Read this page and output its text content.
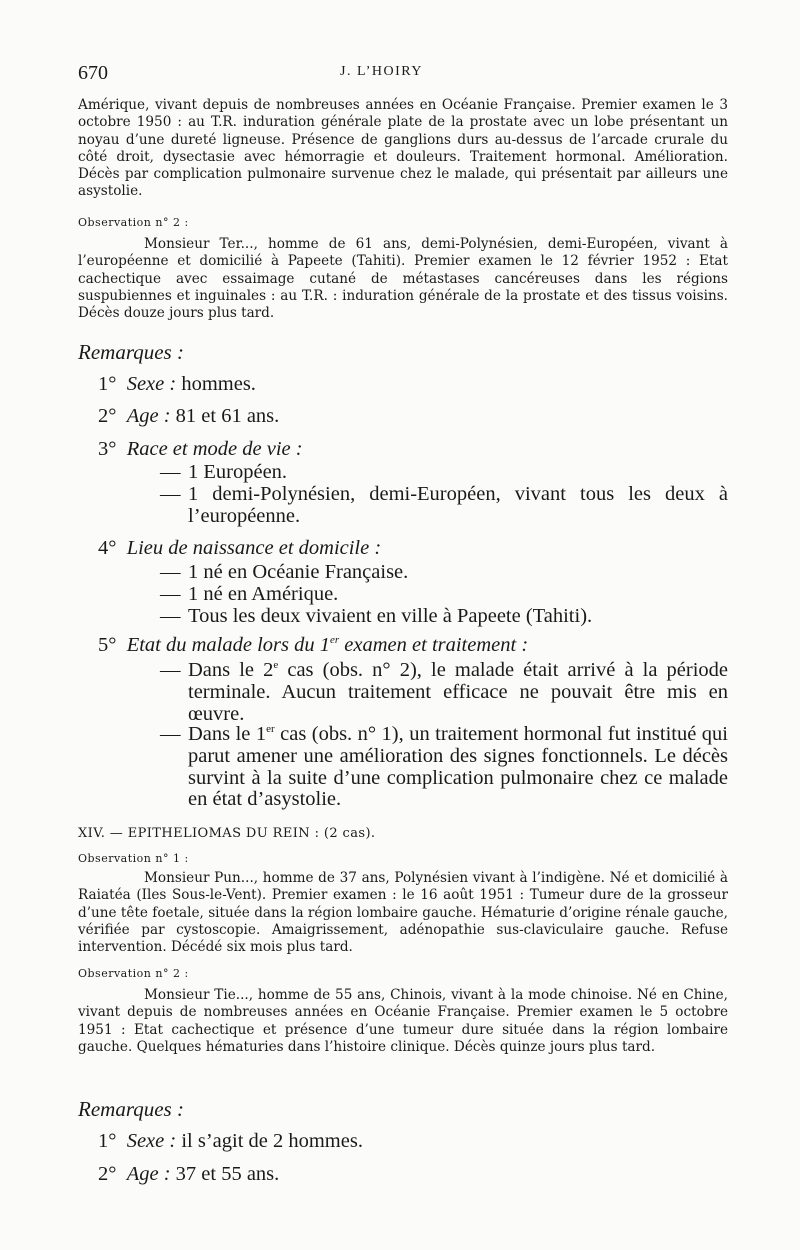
670	J. L’HOIRY

Amérique, vivant depuis de nombreuses années en Océanie Française. Premier examen le 3 octobre 1950 : au T.R. induration générale plate de la prostate avec un lobe présentant un noyau d’une dureté ligneuse. Présence de ganglions durs au-dessus de l’arcade crurale du côté droit, dysectasie avec hémorragie et douleurs. Traitement hormonal. Amélioration. Décès par complication pulmonaire survenue chez le malade, qui présentait par ailleurs une asystolie.

Observation n° 2 :

Monsieur Ter..., homme de 61 ans, demi-Polynésien, demi-Européen, vivant à l’européenne et domicilié à Papeete (Tahiti). Premier examen le 12 février 1952 : Etat cachectique avec essaimage cutané de métastases cancéreuses dans les régions suspubiennes et inguinales : au T.R. : induration générale de la prostate et des tissus voisins. Décès douze jours plus tard.

Remarques :
1° Sexe : hommes.
2° Age : 81 et 61 ans.
3° Race et mode de vie :
— 1 Européen.
— 1 demi-Polynésien, demi-Européen, vivant tous les deux à l’européenne.
4° Lieu de naissance et domicile :
— 1 né en Océanie Française.
— 1 né en Amérique.
— Tous les deux vivaient en ville à Papeete (Tahiti).
5° Etat du malade lors du 1er examen et traitement :
— Dans le 2e cas (obs. n° 2), le malade était arrivé à la période terminale. Aucun traitement efficace ne pouvait être mis en œuvre.
— Dans le 1er cas (obs. n° 1), un traitement hormonal fut institué qui parut amener une amélioration des signes fonctionnels. Le décès survint à la suite d’une complication pulmonaire chez ce malade en état d’asystolie.
XIV. — EPITHELIOMAS DU REIN : (2 cas).
Observation n° 1 :

Monsieur Pun..., homme de 37 ans, Polynésien vivant à l’indigène. Né et domicilié à Raiatéa (Iles Sous-le-Vent). Premier examen : le 16 août 1951 : Tumeur dure de la grosseur d’une tête foetale, située dans la région lombaire gauche. Hématurie d’origine rénale gauche, vérifiée par cystoscopie. Amaigrissement, adénopathie sus-claviculaire gauche. Refuse intervention. Décédé six mois plus tard.

Observation n° 2 :

Monsieur Tie..., homme de 55 ans, Chinois, vivant à la mode chinoise. Né en Chine, vivant depuis de nombreuses années en Océanie Française. Premier examen le 5 octobre 1951 : Etat cachectique et présence d’une tumeur dure située dans la région lombaire gauche. Quelques hématuries dans l’histoire clinique. Décès quinze jours plus tard.

Remarques :
1° Sexe : il s’agit de 2 hommes.
2° Age : 37 et 55 ans.
